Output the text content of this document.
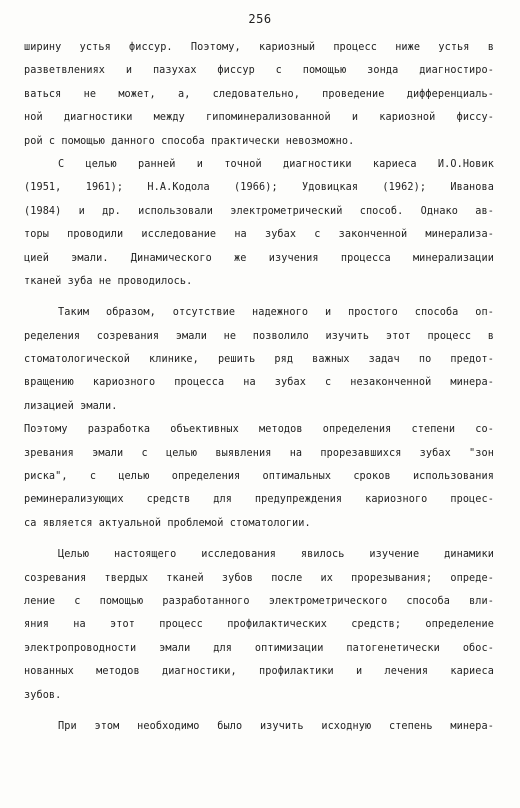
256
ширину устья фиссур. Поэтому, кариозный процесс ниже устья в
разветвлениях и пазухах фиссур с помощью зонда диагностиро-
ваться не может, а, следовательно, проведение дифференциаль-
ной диагностики между гипоминерализованной и кариозной фиссу-
рой с помощью данного способа практически невозможно.
С целью ранней и точной диагностики кариеса И.О.Новик
(1951, 1961); Н.А.Кодола (1966); Удовицкая (1962); Иванова
(1984) и др. использовали электрометрический способ. Однако ав-
торы проводили исследование на зубах с законченной минерализа-
цией эмали. Динамического же изучения процесса минерализации
тканей зуба не проводилось.
Таким образом, отсутствие надежного и простого способа оп-
ределения созревания эмали не позволило изучить этот процесс в
стоматологической клинике, решить ряд важных задач по предот-
вращению кариозного процесса на зубах с незаконченной минера-
лизацией эмали.
Поэтому разработка объективных методов определения степени со-
зревания эмали с целью выявления на прорезавшихся зубах "зон
риска", с целью определения оптимальных сроков использования
реминерализующих средств для предупреждения кариозного процес-
са является актуальной проблемой стоматологии.
Целью настоящего исследования явилось изучение динамики
созревания твердых тканей зубов после их прорезывания; опреде-
ление с помощью разработанного электрометрического способа вли-
яния на этот процесс профилактических средств; определение
электропроводности эмали для оптимизации патогенетически обос-
нованных методов диагностики, профилактики и лечения кариеса
зубов.
При этом необходимо было изучить исходную степень минера-
